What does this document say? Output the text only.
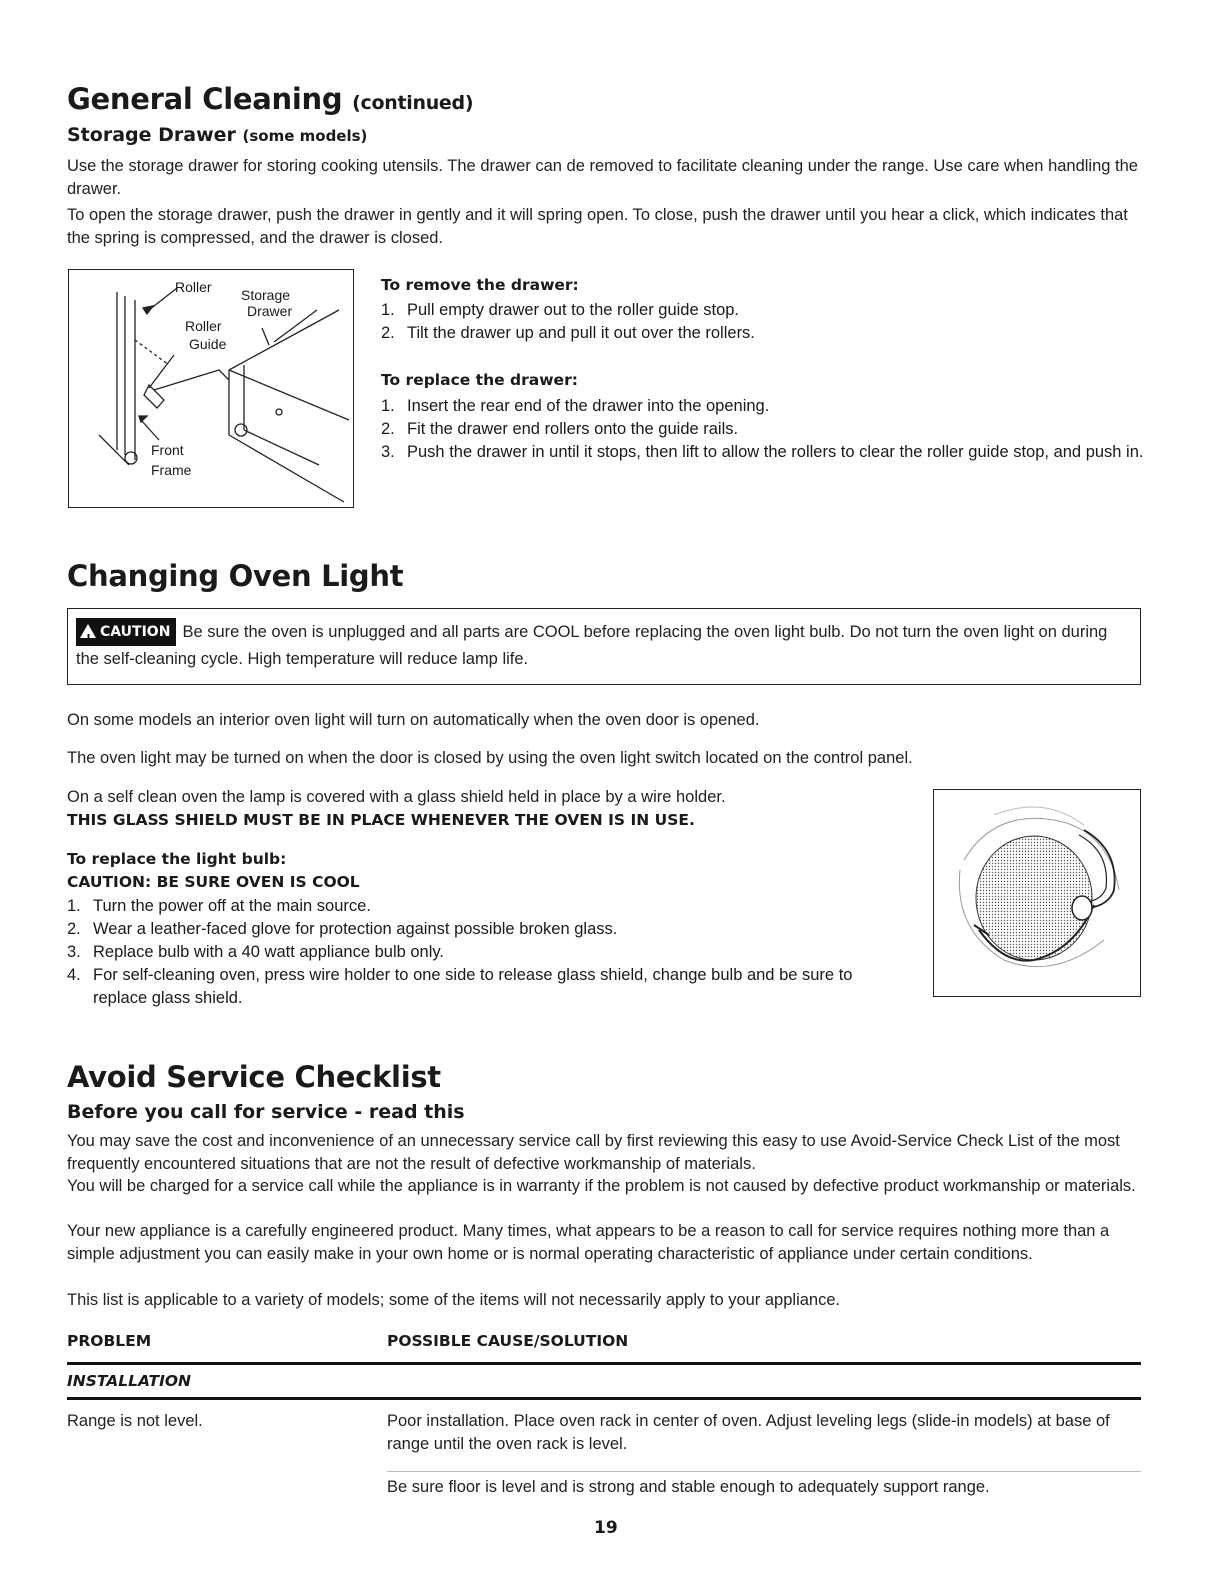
General Cleaning (continued)
Storage Drawer (some models)
Use the storage drawer for storing cooking utensils. The drawer can de removed to facilitate cleaning under the range. Use care when handling the drawer.
To open the storage drawer, push the drawer in gently and it will spring open. To close, push the drawer until you hear a click, which indicates that the spring is compressed, and the drawer is closed.
Roller Storage
Drawer
Roller
Guide
Front
Frame
To remove the drawer:
1. Pull empty drawer out to the roller guide stop.
2. Tilt the drawer up and pull it out over the rollers.
To replace the drawer:
1. Insert the rear end of the drawer into the opening.
2. Fit the drawer end rollers onto the guide rails.
3. Push the drawer in until it stops, then lift to allow the rollers to clear the roller guide stop, and push in.
Changing Oven Light
! CAUTION Be sure the oven is unplugged and all parts are COOL before replacing the oven light bulb. Do not turn the oven light on during the self-cleaning cycle. High temperature will reduce lamp life.
On some models an interior oven light will turn on automatically when the oven door is opened.
The oven light may be turned on when the door is closed by using the oven light switch located on the control panel.
On a self clean oven the lamp is covered with a glass shield held in place by a wire holder.
THIS GLASS SHIELD MUST BE IN PLACE WHENEVER THE OVEN IS IN USE.
To replace the light bulb:
CAUTION: BE SURE OVEN IS COOL
1. Turn the power off at the main source.
2. Wear a leather-faced glove for protection against possible broken glass.
3. Replace bulb with a 40 watt appliance bulb only.
4. For self-cleaning oven, press wire holder to one side to release glass shield, change bulb and be sure to replace glass shield.
Avoid Service Checklist
Before you call for service - read this
You may save the cost and inconvenience of an unnecessary service call by first reviewing this easy to use Avoid-Service Check List of the most frequently encountered situations that are not the result of defective workmanship of materials.
You will be charged for a service call while the appliance is in warranty if the problem is not caused by defective product workmanship or materials.
Your new appliance is a carefully engineered product. Many times, what appears to be a reason to call for service requires nothing more than a simple adjustment you can easily make in your own home or is normal operating characteristic of appliance under certain conditions.
This list is applicable to a variety of models; some of the items will not necessarily apply to your appliance.
PROBLEM	POSSIBLE CAUSE/SOLUTION
INSTALLATION
Range is not level.	Poor installation. Place oven rack in center of oven. Adjust leveling legs (slide-in models) at base of range until the oven rack is level.
Be sure floor is level and is strong and stable enough to adequately support range.
19
